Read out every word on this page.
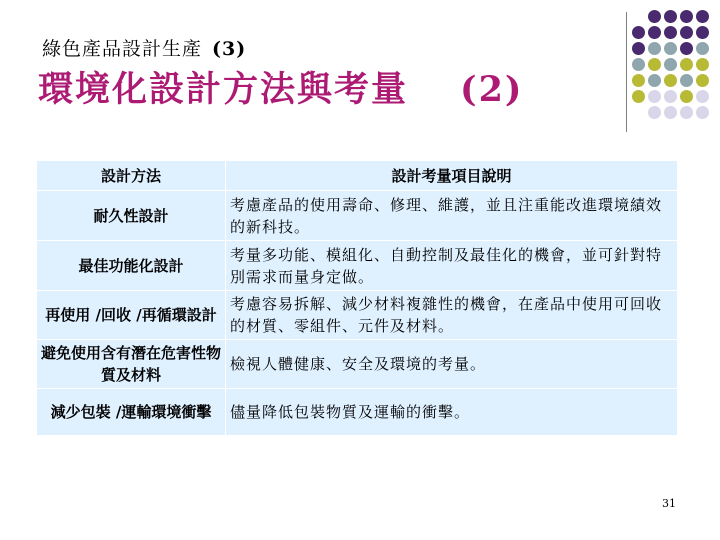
綠色產品設計生產 (3)
環境化設計方法與考量 (2)
設計方法	設計考量項目說明
耐久性設計	考慮產品的使用壽命、修理、維護，並且注重能改進環境績效的新科技。
最佳功能化設計	考量多功能、模組化、自動控制及最佳化的機會，並可針對特別需求而量身定做。
再使用 /回收 /再循環設計	考慮容易拆解、減少材料複雜性的機會，在產品中使用可回收的材質、零組件、元件及材料。
避免使用含有潛在危害性物質及材料	檢視人體健康、安全及環境的考量。
減少包裝 /運輸環境衝擊	儘量降低包裝物質及運輸的衝擊。
31
